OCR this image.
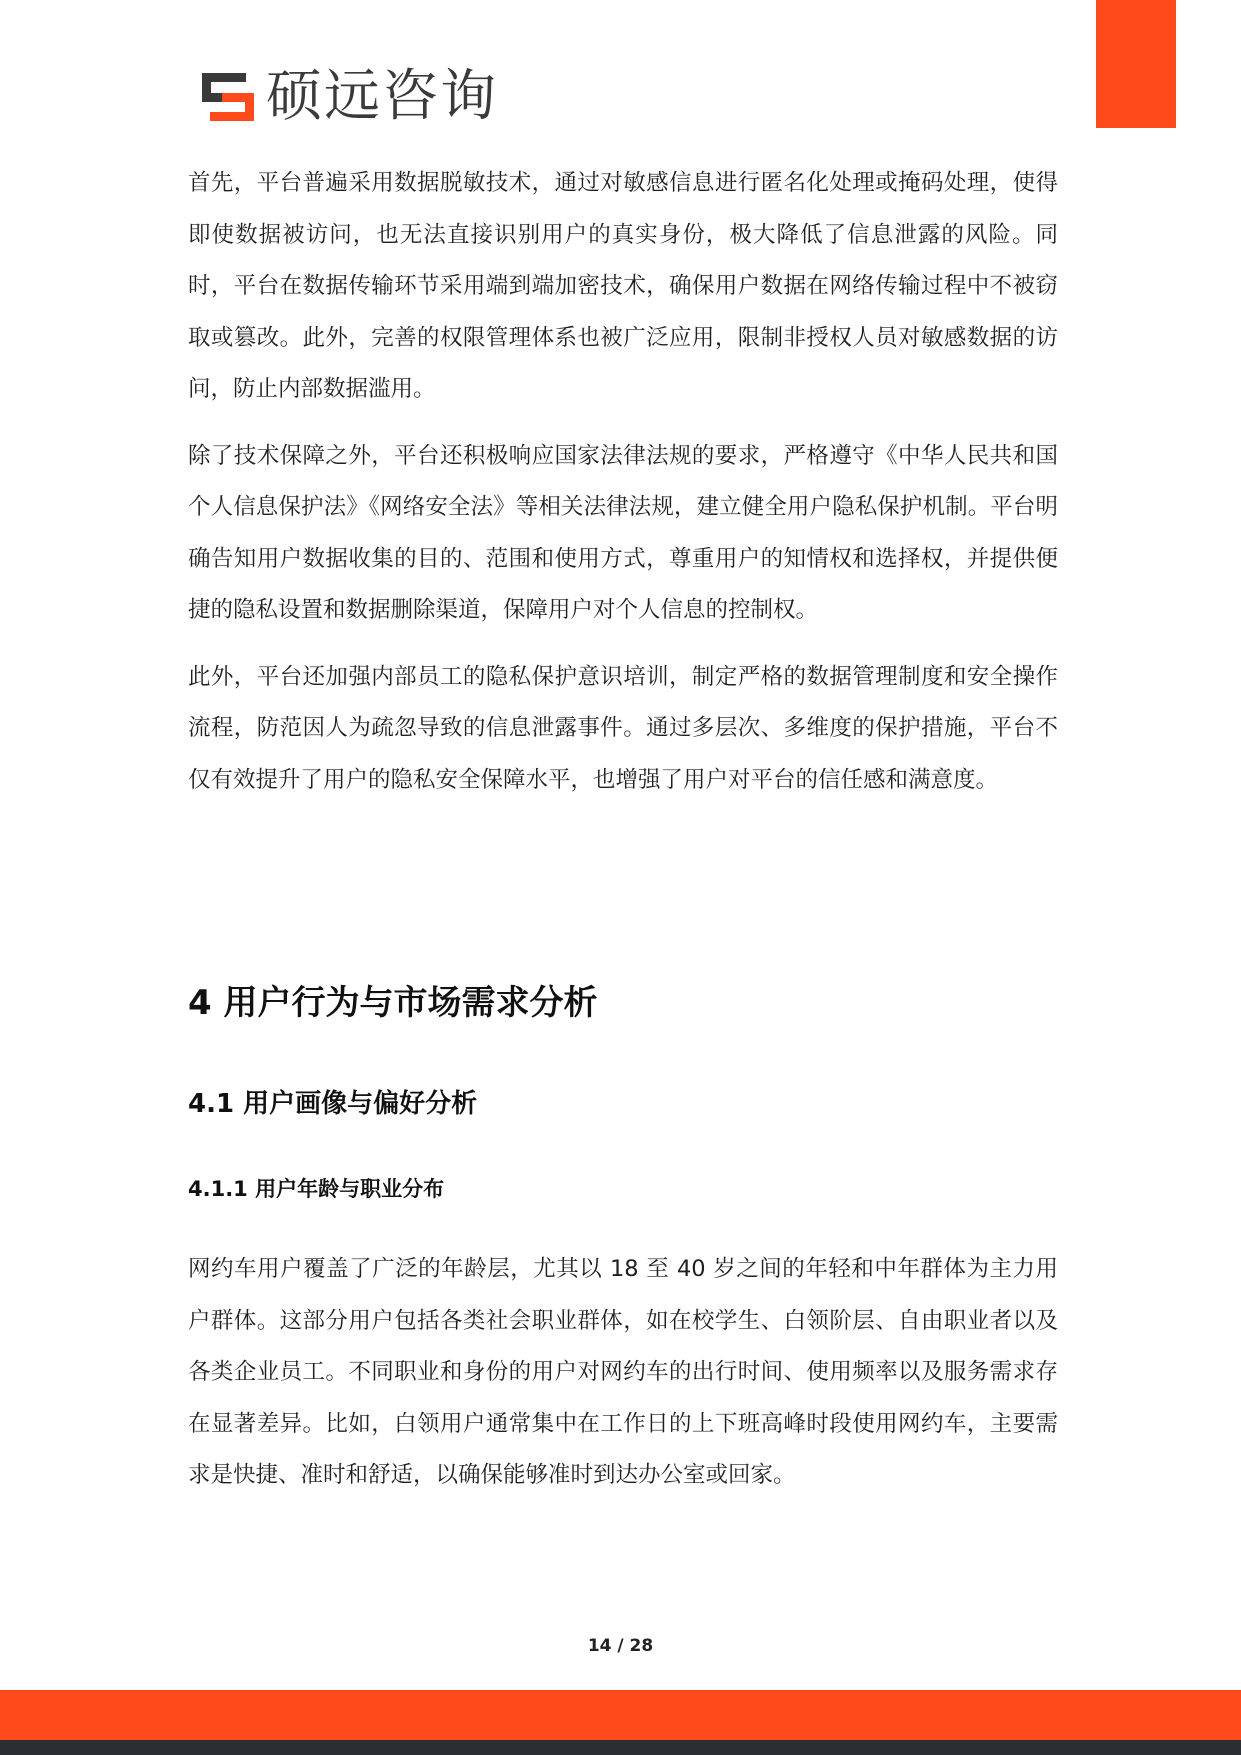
硕远咨询

首先，平台普遍采用数据脱敏技术，通过对敏感信息进行匿名化处理或掩码处理，使得即使数据被访问，也无法直接识别用户的真实身份，极大降低了信息泄露的风险。同时，平台在数据传输环节采用端到端加密技术，确保用户数据在网络传输过程中不被窃取或篡改。此外，完善的权限管理体系也被广泛应用，限制非授权人员对敏感数据的访问，防止内部数据滥用。

除了技术保障之外，平台还积极响应国家法律法规的要求，严格遵守《中华人民共和国个人信息保护法》《网络安全法》等相关法律法规，建立健全用户隐私保护机制。平台明确告知用户数据收集的目的、范围和使用方式，尊重用户的知情权和选择权，并提供便捷的隐私设置和数据删除渠道，保障用户对个人信息的控制权。

此外，平台还加强内部员工的隐私保护意识培训，制定严格的数据管理制度和安全操作流程，防范因人为疏忽导致的信息泄露事件。通过多层次、多维度的保护措施，平台不仅有效提升了用户的隐私安全保障水平，也增强了用户对平台的信任感和满意度。

4 用户行为与市场需求分析
4.1 用户画像与偏好分析
4.1.1 用户年龄与职业分布

网约车用户覆盖了广泛的年龄层，尤其以 18 至 40 岁之间的年轻和中年群体为主力用户群体。这部分用户包括各类社会职业群体，如在校学生、白领阶层、自由职业者以及各类企业员工。不同职业和身份的用户对网约车的出行时间、使用频率以及服务需求存在显著差异。比如，白领用户通常集中在工作日的上下班高峰时段使用网约车，主要需求是快捷、准时和舒适，以确保能够准时到达办公室或回家。

14 / 28
